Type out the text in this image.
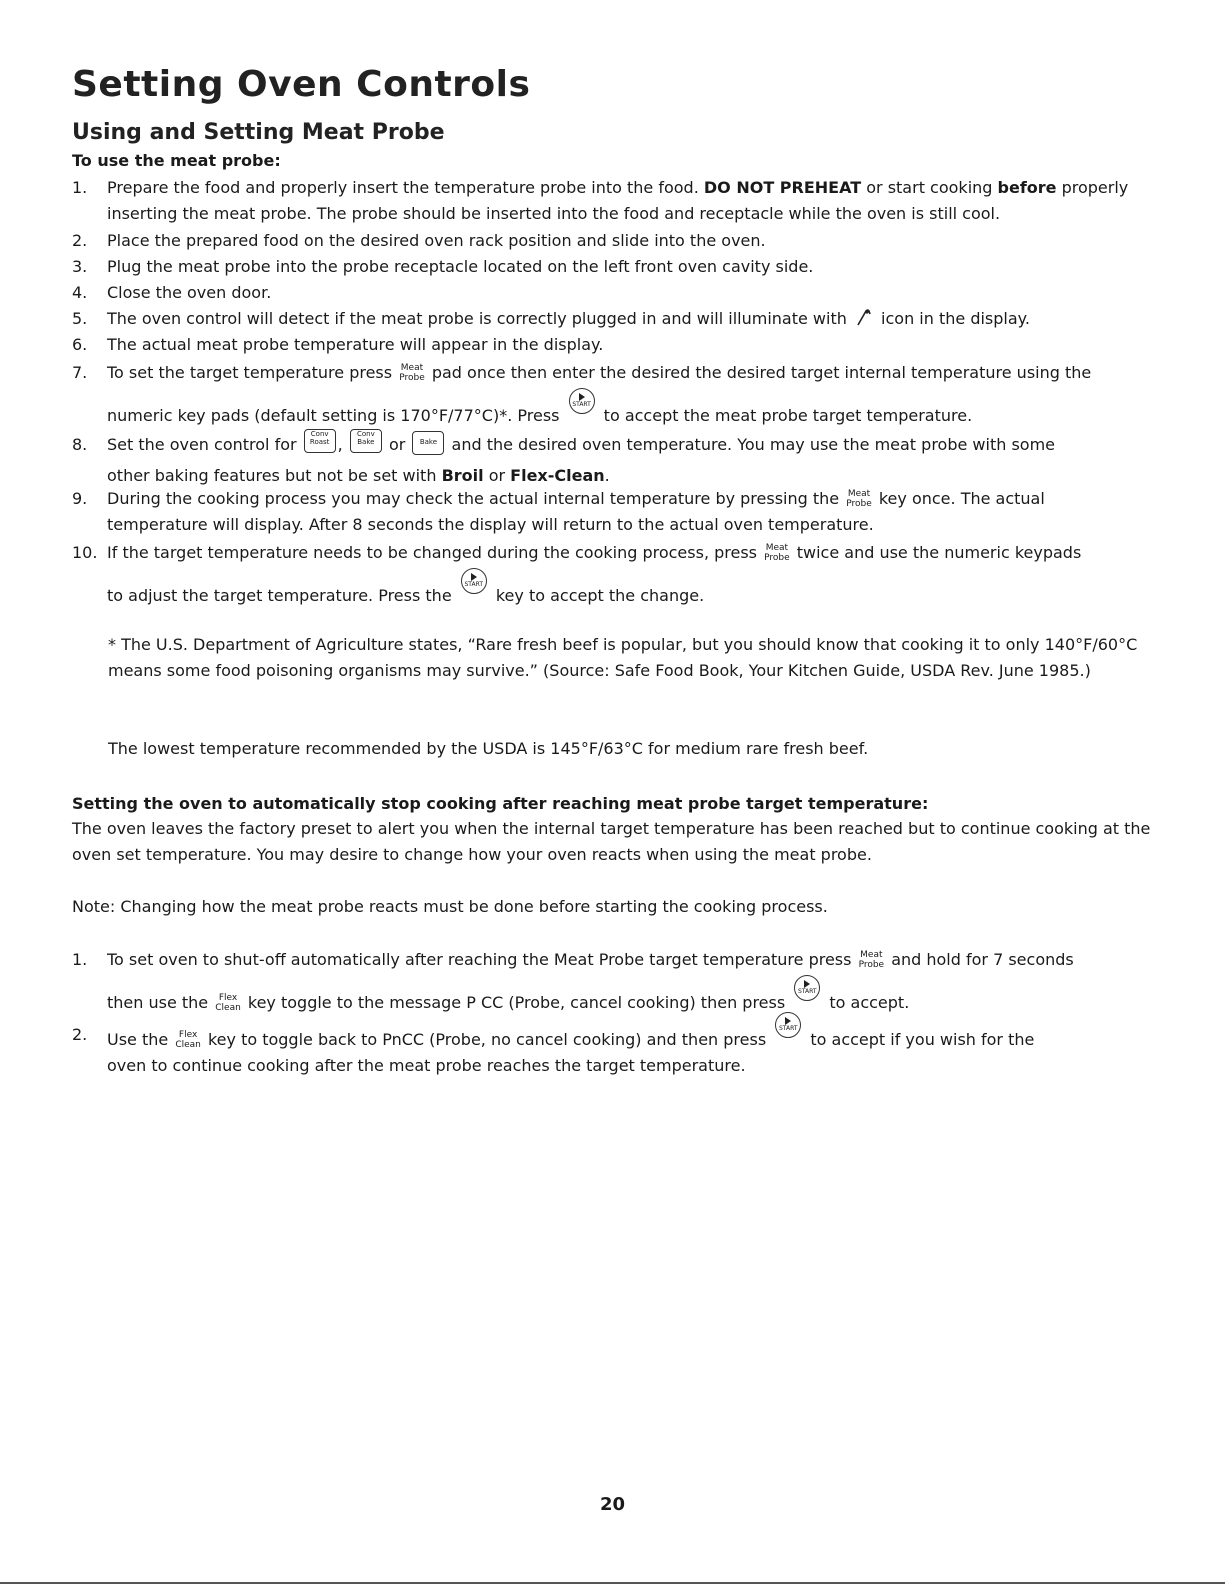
Setting Oven Controls
Using and Setting Meat Probe
To use the meat probe:
1.	Prepare the food and properly insert the temperature probe into the food. DO NOT PREHEAT or start cooking before properly inserting the meat probe. The probe should be inserted into the food and receptacle while the oven is still cool.
2.	Place the prepared food on the desired oven rack position and slide into the oven.
3.	Plug the meat probe into the probe receptacle located on the left front oven cavity side.
4.	Close the oven door.
5.	The oven control will detect if the meat probe is correctly plugged in and will illuminate with icon in the display.
6.	The actual meat probe temperature will appear in the display.
7.	To set the target temperature press Meat
Probe pad once then enter the desired the desired target internal temperature using the
numeric key pads (default setting is 170°F/77°C)*. Press
START
to accept the meat probe target temperature.
8.	Set the oven control for
Conv
Roast ,
Conv
Bake or	Bake and the desired oven temperature. You may use the meat probe with some
other baking features but not be set with Broil or Flex-Clean.
9.	During the cooking process you may check the actual internal temperature by pressing the Meat
Probe key once. The actual
temperature will display. After 8 seconds the display will return to the actual oven temperature.
10. If the target temperature needs to be changed during the cooking process, press Meat
Probe twice and use the numeric keypads
to adjust the target temperature. Press the
START
key to accept the change.
* The U.S. Department of Agriculture states, “Rare fresh beef is popular, but you should know that cooking it to only 140°F/60°C means some food poisoning organisms may survive.” (Source: Safe Food Book, Your Kitchen Guide, USDA Rev. June 1985.)
The lowest temperature recommended by the USDA is 145°F/63°C for medium rare fresh beef.
Setting the oven to automatically stop cooking after reaching meat probe target temperature:
The oven leaves the factory preset to alert you when the internal target temperature has been reached but to continue cooking at the oven set temperature. You may desire to change how your oven reacts when using the meat probe.
Note: Changing how the meat probe reacts must be done before starting the cooking process.
1.	To set oven to shut-off automatically after reaching the Meat Probe target temperature press Meat
Probe and hold for 7 seconds
then use the	Flex
Clean key toggle to the message P CC (Probe, cancel cooking) then press
START
to accept.
2.	Use the	Flex
Clean key to toggle back to PnCC (Probe, no cancel cooking) and then press
START
to accept if you wish for the
oven to continue cooking after the meat probe reaches the target temperature.
20
